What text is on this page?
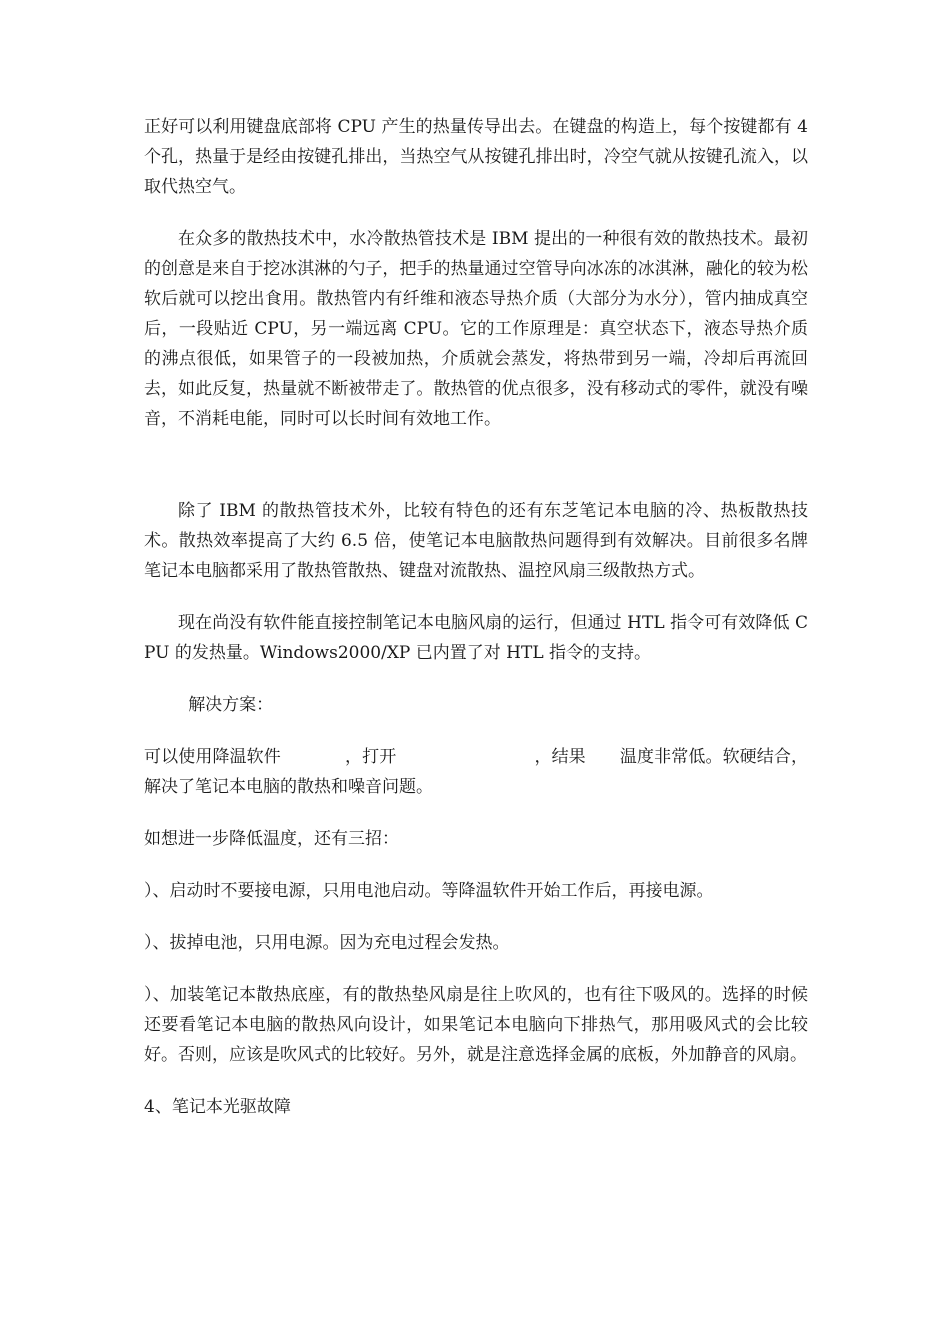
正好可以利用键盘底部将 CPU 产生的热量传导出去。在键盘的构造上，每个按键都有 4 个孔，热量于是经由按键孔排出，当热空气从按键孔排出时，冷空气就从按键孔流入，以取代热空气。

在众多的散热技术中，水冷散热管技术是 IBM 提出的一种很有效的散热技术。最初的创意是来自于挖冰淇淋的勺子，把手的热量通过空管导向冰冻的冰淇淋，融化的较为松软后就可以挖出食用。散热管内有纤维和液态导热介质（大部分为水分），管内抽成真空后，一段贴近 CPU，另一端远离 CPU。它的工作原理是：真空状态下，液态导热介质的沸点很低，如果管子的一段被加热，介质就会蒸发，将热带到另一端，冷却后再流回去，如此反复，热量就不断被带走了。散热管的优点很多，没有移动式的零件，就没有噪音，不消耗电能，同时可以长时间有效地工作。

除了 IBM 的散热管技术外，比较有特色的还有东芝笔记本电脑的冷、热板散热技术。散热效率提高了大约 6.5 倍，使笔记本电脑散热问题得到有效解决。目前很多名牌笔记本电脑都采用了散热管散热、键盘对流散热、温控风扇三级散热方式。

现在尚没有软件能直接控制笔记本电脑风扇的运行，但通过 HTL 指令可有效降低 CPU 的发热量。Windows2000/XP 已内置了对 HTL 指令的支持。

解决方案：

可以使用降温软件	，打开	，结果 温度非常低。软硬结合，解决了笔记本电脑的散热和噪音问题。

如想进一步降低温度，还有三招：

）、启动时不要接电源，只用电池启动。等降温软件开始工作后，再接电源。

）、拔掉电池，只用电源。因为充电过程会发热。

）、加装笔记本散热底座，有的散热垫风扇是往上吹风的，也有往下吸风的。选择的时候还要看笔记本电脑的散热风向设计，如果笔记本电脑向下排热气，那用吸风式的会比较好。否则，应该是吹风式的比较好。另外，就是注意选择金属的底板，外加静音的风扇。

4、笔记本光驱故障
